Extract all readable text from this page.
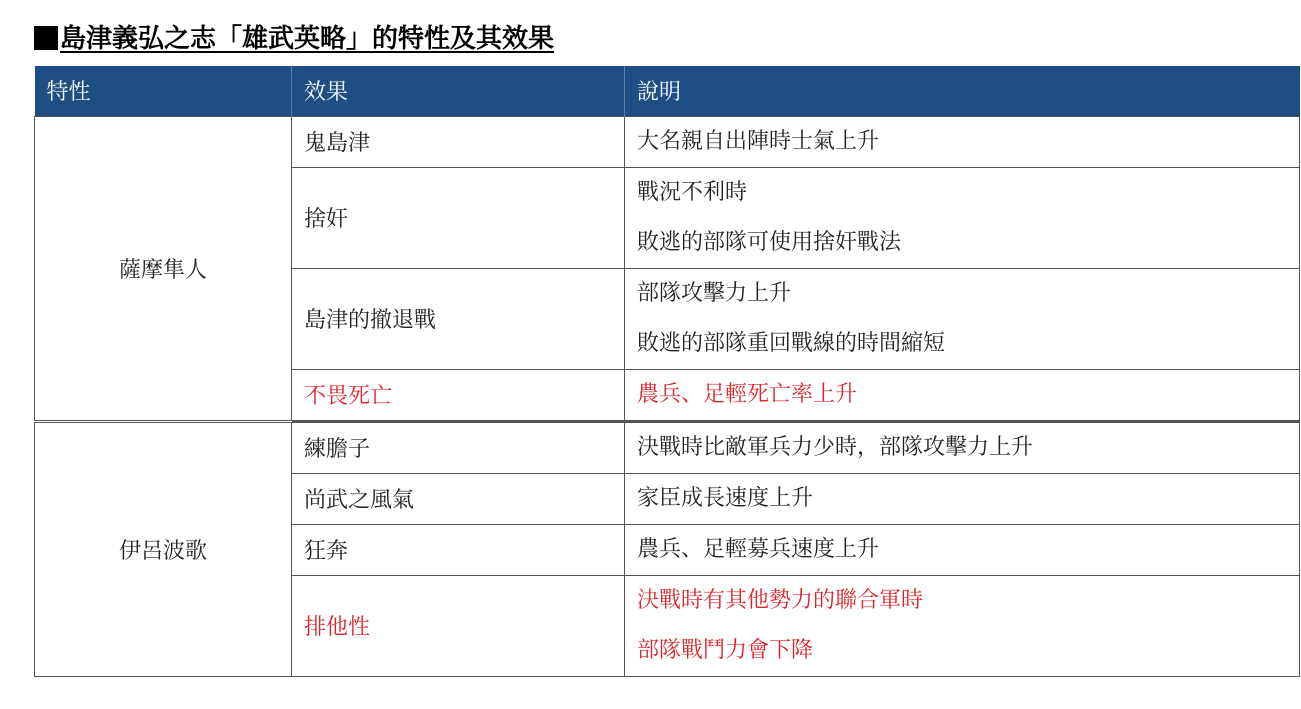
島津義弘之志「雄武英略」的特性及其效果
特性	效果	說明
薩摩隼人	鬼島津	大名親自出陣時士氣上升

	捨奸	戰況不利時
敗逃的部隊可使用捨奸戰法

	島津的撤退戰	部隊攻擊力上升
敗逃的部隊重回戰線的時間縮短

	不畏死亡	農兵、足輕死亡率上升

伊呂波歌	練膽子	決戰時比敵軍兵力少時，部隊攻擊力上升

	尚武之風氣	家臣成長速度上升

	狂奔	農兵、足輕募兵速度上升

	排他性	決戰時有其他勢力的聯合軍時
部隊戰鬥力會下降
